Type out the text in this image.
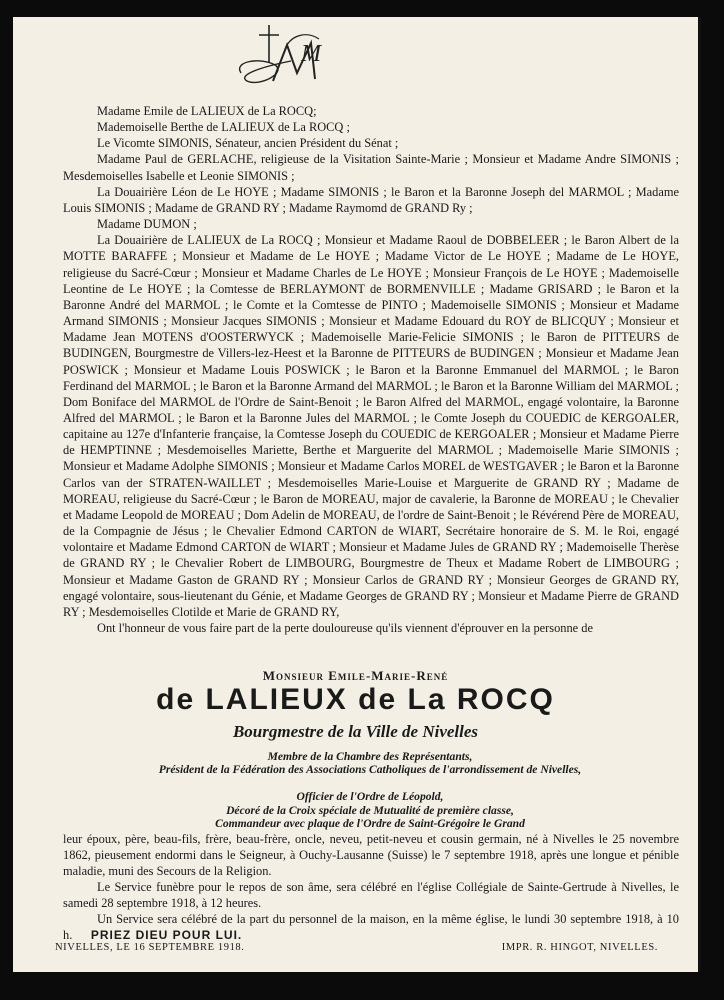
M

Madame Emile de LALIEUX de La ROCQ;

Mademoiselle Berthe de LALIEUX de La ROCQ ;

Le Vicomte SIMONIS, Sénateur, ancien Président du Sénat ;

Madame Paul de GERLACHE, religieuse de la Visitation Sainte-Marie ; Monsieur et Madame Andre SIMONIS ; Mesdemoiselles Isabelle et Leonie SIMONIS ;

La Douairière Léon de Le HOYE ; Madame SIMONIS ; le Baron et la Baronne Joseph del MARMOL ; Madame Louis SIMONIS ; Madame de GRAND RY ; Madame Raymomd de GRAND Ry ;

Madame DUMON ;

La Douairière de LALIEUX de La ROCQ ; Monsieur et Madame Raoul de DOBBELEER ; le Baron Albert de la MOTTE BARAFFE ; Monsieur et Madame de Le HOYE ; Madame Victor de Le HOYE ; Madame de Le HOYE, religieuse du Sacré-Cœur ; Monsieur et Madame Charles de Le HOYE ; Monsieur François de Le HOYE ; Mademoiselle Leontine de Le HOYE ; la Comtesse de BERLAYMONT de BORMENVILLE ; Madame GRISARD ; le Baron et la Baronne André del MARMOL ; le Comte et la Comtesse de PINTO ; Mademoiselle SIMONIS ; Monsieur et Madame Armand SIMONIS ; Monsieur Jacques SIMONIS ; Monsieur et Madame Edouard du ROY de BLICQUY ; Monsieur et Madame Jean MOTENS d'OOSTERWYCK ; Mademoiselle Marie-Felicie SIMONIS ; le Baron de PITTEURS de BUDINGEN, Bourgmestre de Villers-lez-Heest et la Baronne de PITTEURS de BUDINGEN ; Monsieur et Madame Jean POSWICK ; Monsieur et Madame Louis POSWICK ; le Baron et la Baronne Emmanuel del MARMOL ; le Baron Ferdinand del MARMOL ; le Baron et la Baronne Armand del MARMOL ; le Baron et la Baronne William del MARMOL ; Dom Boniface del MARMOL de l'Ordre de Saint-Benoit ; le Baron Alfred del MARMOL, engagé volontaire, la Baronne Alfred del MARMOL ; le Baron et la Baronne Jules del MARMOL ; le Comte Joseph du COUEDIC de KERGOALER, capitaine au 127e d'Infanterie française, la Comtesse Joseph du COUEDIC de KERGOALER ; Monsieur et Madame Pierre de HEMPTINNE ; Mesdemoiselles Mariette, Berthe et Marguerite del MARMOL ; Mademoiselle Marie SIMONIS ; Monsieur et Madame Adolphe SIMONIS ; Monsieur et Madame Carlos MOREL de WESTGAVER ; le Baron et la Baronne Carlos van der STRATEN-WAILLET ; Mesdemoiselles Marie-Louise et Marguerite de GRAND RY ; Madame de MOREAU, religieuse du Sacré-Cœur ; le Baron de MOREAU, major de cavalerie, la Baronne de MOREAU ; le Chevalier et Madame Leopold de MOREAU ; Dom Adelin de MOREAU, de l'ordre de Saint-Benoit ; le Révérend Père de MOREAU, de la Compagnie de Jésus ; le Chevalier Edmond CARTON de WIART, Secrétaire honoraire de S. M. le Roi, engagé volontaire et Madame Edmond CARTON de WIART ; Monsieur et Madame Jules de GRAND RY ; Mademoiselle Therèse de GRAND RY ; le Chevalier Robert de LIMBOURG, Bourgmestre de Theux et Madame Robert de LIMBOURG ; Monsieur et Madame Gaston de GRAND RY ; Monsieur Carlos de GRAND RY ; Monsieur Georges de GRAND RY, engagé volontaire, sous-lieutenant du Génie, et Madame Georges de GRAND RY ; Monsieur et Madame Pierre de GRAND RY ; Mesdemoiselles Clotilde et Marie de GRAND RY,

Ont l'honneur de vous faire part de la perte douloureuse qu'ils viennent d'éprouver en la personne de

Monsieur Emile-Marie-René
de LALIEUX de La ROCQ
Bourgmestre de la Ville de Nivelles
Membre de la Chambre des Représentants,
Président de la Fédération des Associations Catholiques de l'arrondissement de Nivelles,
Officier de l'Ordre de Léopold,
Décoré de la Croix spéciale de Mutualité de première classe,
Commandeur avec plaque de l'Ordre de Saint-Grégoire le Grand

leur époux, père, beau-fils, frère, beau-frère, oncle, neveu, petit-neveu et cousin germain, né à Nivelles le 25 novembre 1862, pieusement endormi dans le Seigneur, à Ouchy-Lausanne (Suisse) le 7 septembre 1918, après une longue et pénible maladie, muni des Secours de la Religion.

Le Service funèbre pour le repos de son âme, sera célébré en l'église Collégiale de Sainte-Gertrude à Nivelles, le samedi 28 septembre 1918, à 12 heures.

Un Service sera célébré de la part du personnel de la maison, en la même église, le lundi 30 septembre 1918, à 10 h. PRIEZ DIEU POUR LUI.

NIVELLES, LE 16 SEPTEMBRE 1918.	IMPR. R. HINGOT, NIVELLES.
